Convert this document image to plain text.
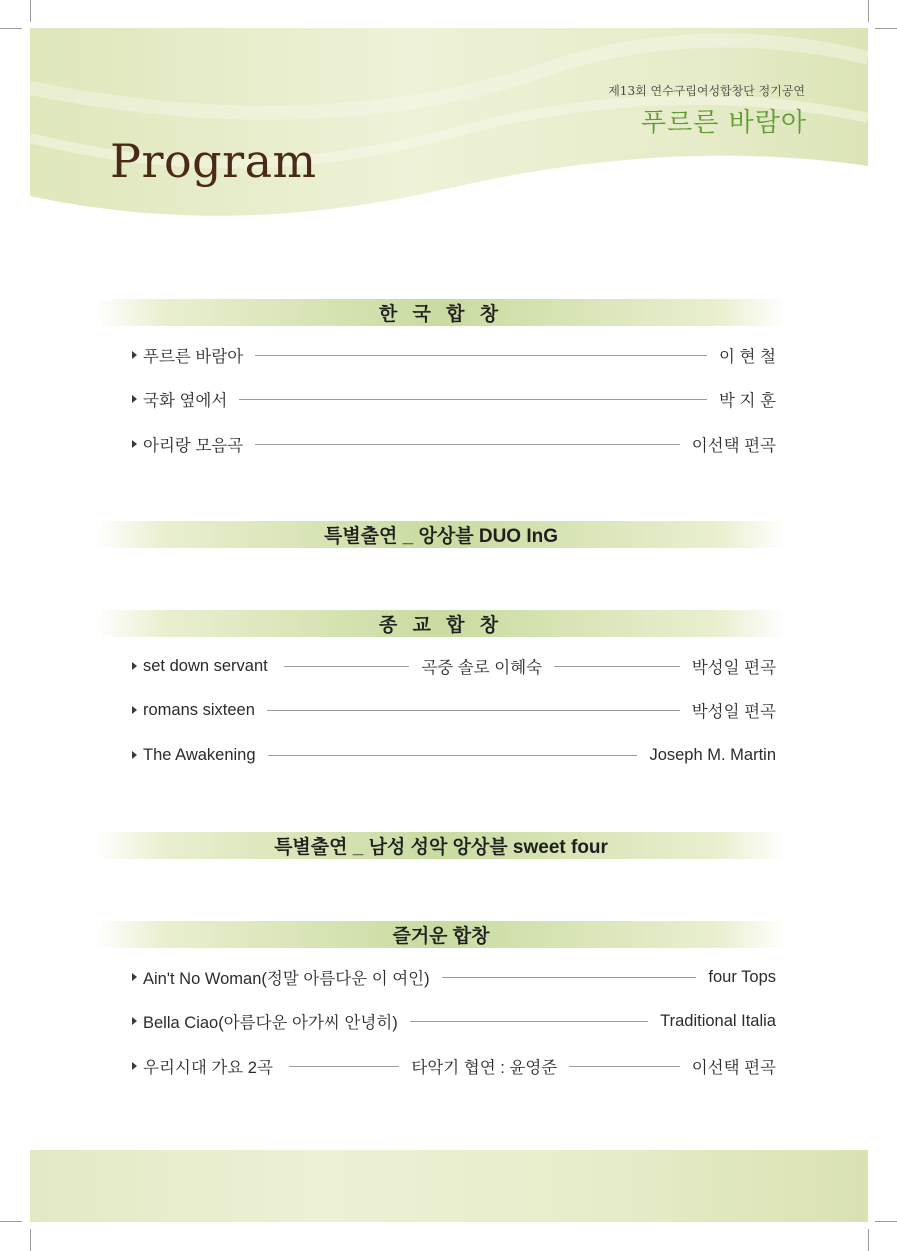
Program

제13회 연수구립여성합창단 정기공연

푸르른 바람아
한 국 합 창
푸르른 바람아	이 현 철
국화 옆에서	박 지 훈
아리랑 모음곡	이선택 편곡
특별출연 _ 앙상블 DUO InG
종 교 합 창
set down servant	곡중 솔로 이혜숙	박성일 편곡
romans sixteen	박성일 편곡
The Awakening	Joseph M. Martin
특별출연 _ 남성 성악 앙상블 sweet four
즐거운 합창
Ain't No Woman(정말 아름다운 이 여인)	four Tops
Bella Ciao(아름다운 아가씨 안녕히)	Traditional Italia
우리시대 가요 2곡	타악기 협연 : 윤영준	이선택 편곡
